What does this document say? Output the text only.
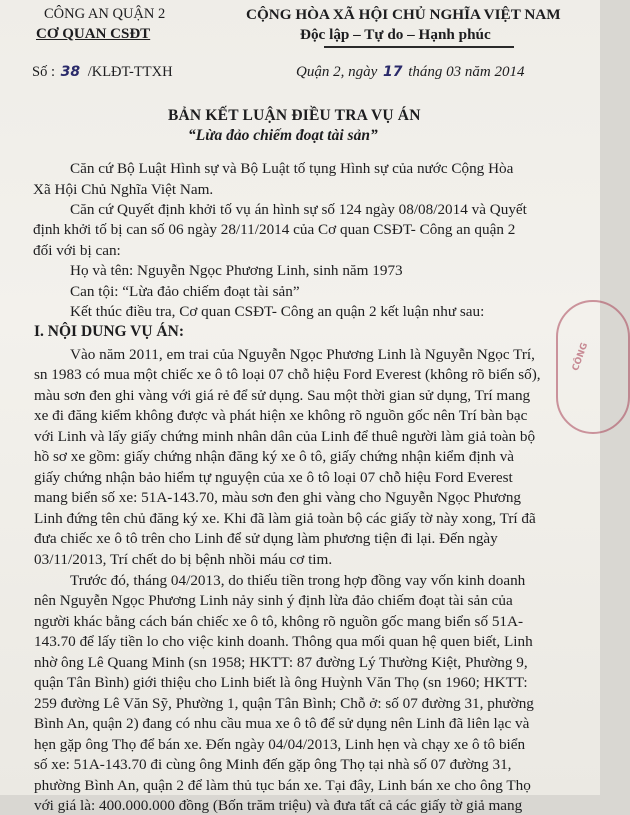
CÔNG AN QUẬN 2
CƠ QUAN CSĐT
Số : 38 /KLĐT-TTXH
CỘNG HÒA XÃ HỘI CHỦ NGHĨA VIỆT NAM
Độc lập – Tự do – Hạnh phúc
Quận 2, ngày 17 tháng 03 năm 2014
BẢN KẾT LUẬN ĐIỀU TRA VỤ ÁN
“Lừa đảo chiếm đoạt tài sản”
I. NỘI DUNG VỤ ÁN:
Căn cứ Bộ Luật Hình sự và Bộ Luật tố tụng Hình sự của nước Cộng Hòa
Xã Hội Chủ Nghĩa Việt Nam.
Căn cứ Quyết định khởi tố vụ án hình sự số 124 ngày 08/08/2014 và Quyết
định khởi tố bị can số 06 ngày 28/11/2014 của Cơ quan CSĐT- Công an quận 2
đối với bị can:
Họ và tên: Nguyễn Ngọc Phương Linh, sinh năm 1973
Can tội: “Lừa đảo chiếm đoạt tài sản”
Kết thúc điều tra, Cơ quan CSĐT- Công an quận 2 kết luận như sau:
Vào năm 2011, em trai của Nguyễn Ngọc Phương Linh là Nguyễn Ngọc Trí,
sn 1983 có mua một chiếc xe ô tô loại 07 chỗ hiệu Ford Everest (không rõ biển số),
màu sơn đen ghi vàng với giá rẻ để sử dụng. Sau một thời gian sử dụng, Trí mang
xe đi đăng kiểm không được và phát hiện xe không rõ nguồn gốc nên Trí bàn bạc
với Linh và lấy giấy chứng minh nhân dân của Linh để thuê người làm giả toàn bộ
hồ sơ xe gồm: giấy chứng nhận đăng ký xe ô tô, giấy chứng nhận kiểm định và
giấy chứng nhận bảo hiểm tự nguyện của xe ô tô loại 07 chỗ hiệu Ford Everest
mang biển số xe: 51A-143.70, màu sơn đen ghi vàng cho Nguyễn Ngọc Phương
Linh đứng tên chủ đăng ký xe. Khi đã làm giả toàn bộ các giấy tờ này xong, Trí đã
đưa chiếc xe ô tô trên cho Linh để sử dụng làm phương tiện đi lại. Đến ngày
03/11/2013, Trí chết do bị bệnh nhồi máu cơ tim.
Trước đó, tháng 04/2013, do thiếu tiền trong hợp đồng vay vốn kinh doanh
nên Nguyễn Ngọc Phương Linh nảy sinh ý định lừa đảo chiếm đoạt tài sản của
người khác bằng cách bán chiếc xe ô tô, không rõ nguồn gốc mang biển số 51A-
143.70 để lấy tiền lo cho việc kinh doanh. Thông qua mối quan hệ quen biết, Linh
nhờ ông Lê Quang Minh (sn 1958; HKTT: 87 đường Lý Thường Kiệt, Phường 9,
quận Tân Bình) giới thiệu cho Linh biết là ông Huỳnh Văn Thọ (sn 1960; HKTT:
259 đường Lê Văn Sỹ, Phường 1, quận Tân Bình; Chỗ ở: số 07 đường 31, phường
Bình An, quận 2) đang có nhu cầu mua xe ô tô để sử dụng nên Linh đã liên lạc và
hẹn gặp ông Thọ để bán xe. Đến ngày 04/04/2013, Linh hẹn và chạy xe ô tô biển
số xe: 51A-143.70 đi cùng ông Minh đến gặp ông Thọ tại nhà số 07 đường 31,
phường Bình An, quận 2 để làm thủ tục bán xe. Tại đây, Linh bán xe cho ông Thọ
với giá là: 400.000.000 đồng (Bốn trăm triệu) và đưa tất cả các giấy tờ giả mang
CÔNG
